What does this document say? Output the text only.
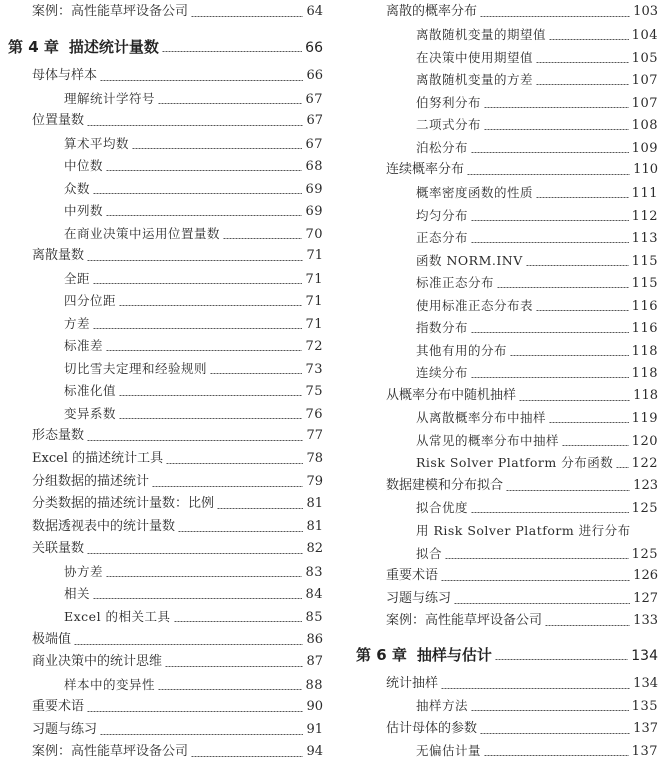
案例：高性能草坪设备公司	64
第 4 章 描述统计量数	66
母体与样本	66
理解统计学符号	67
位置量数	67
算术平均数	67
中位数	68
众数	69
中列数	69
在商业决策中运用位置量数	70
离散量数	71
全距	71
四分位距	71
方差	71
标准差	72
切比雪夫定理和经验规则	73
标准化值	75
变异系数	76
形态量数	77
Excel 的描述统计工具	78
分组数据的描述统计	79
分类数据的描述统计量数：比例	81
数据透视表中的统计量数	81
关联量数	82
协方差	83
相关	84
Excel 的相关工具	85
极端值	86
商业决策中的统计思维	87
样本中的变异性	88
重要术语	90
习题与练习	91
案例：高性能草坪设备公司	94
离散的概率分布	103
离散随机变量的期望值	104
在决策中使用期望值	105
离散随机变量的方差	107
伯努利分布	107
二项式分布	108
泊松分布	109
连续概率分布	110
概率密度函数的性质	111
均匀分布	112
正态分布	113
函数 NORM.INV	115
标准正态分布	115
使用标准正态分布表	116
指数分布	116
其他有用的分布	118
连续分布	118
从概率分布中随机抽样	118
从离散概率分布中抽样	119
从常见的概率分布中抽样	120
Risk Solver Platform 分布函数 122
数据建模和分布拟合	123
拟合优度	125
用 Risk Solver Platform 进行分布
拟合	125
重要术语	126
习题与练习	127
案例：高性能草坪设备公司	133
第 6 章 抽样与估计	134
统计抽样	134
抽样方法	135
估计母体的参数	137
无偏估计量	137
